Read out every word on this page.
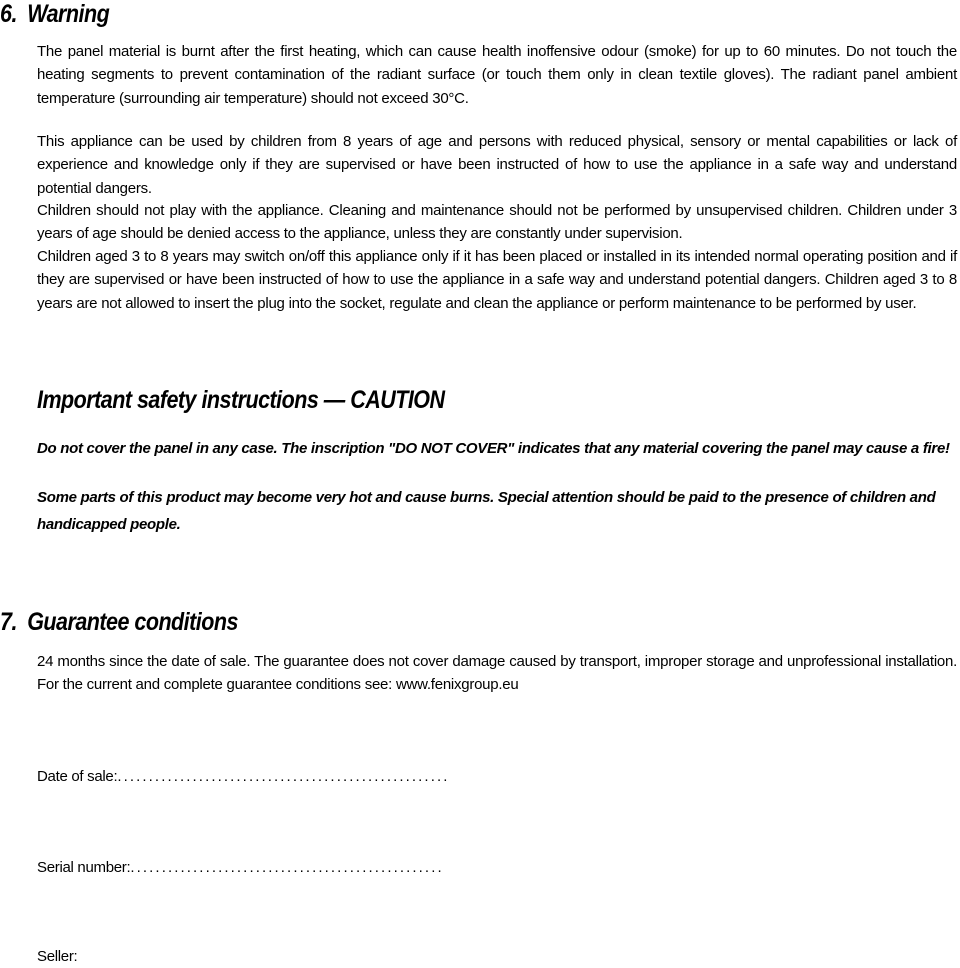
6. Warning

The panel material is burnt after the first heating, which can cause health inoffensive odour (smoke) for up to 60 minutes. Do not touch the heating segments to prevent contamination of the radiant surface (or touch them only in clean textile gloves). The radiant panel ambient temperature (surrounding air temperature) should not exceed 30°C.

This appliance can be used by children from 8 years of age and persons with reduced physical, sensory or mental capabilities or lack of experience and knowledge only if they are supervised or have been instructed of how to use the appliance in a safe way and understand potential dangers.

Children should not play with the appliance. Cleaning and maintenance should not be performed by unsupervised children. Children under 3 years of age should be denied access to the appliance, unless they are constantly under supervision.

Children aged 3 to 8 years may switch on/off this appliance only if it has been placed or installed in its intended normal operating position and if they are supervised or have been instructed of how to use the appliance in a safe way and understand potential dangers. Children aged 3 to 8 years are not allowed to insert the plug into the socket, regulate and clean the appliance or perform maintenance to be performed by user.

Important safety instructions — CAUTION

Do not cover the panel in any case. The inscription "DO NOT COVER" indicates that any material covering the panel may cause a fire!

Some parts of this product may become very hot and cause burns. Special attention should be paid to the presence of children and handicapped people.

7. Guarantee conditions

24 months since the date of sale. The guarantee does not cover damage caused by transport, improper storage and unprofessional installation. For the current and complete guarantee conditions see: www.fenixgroup.eu

Date of sale:.....................................................

Serial number:..................................................

Seller:
